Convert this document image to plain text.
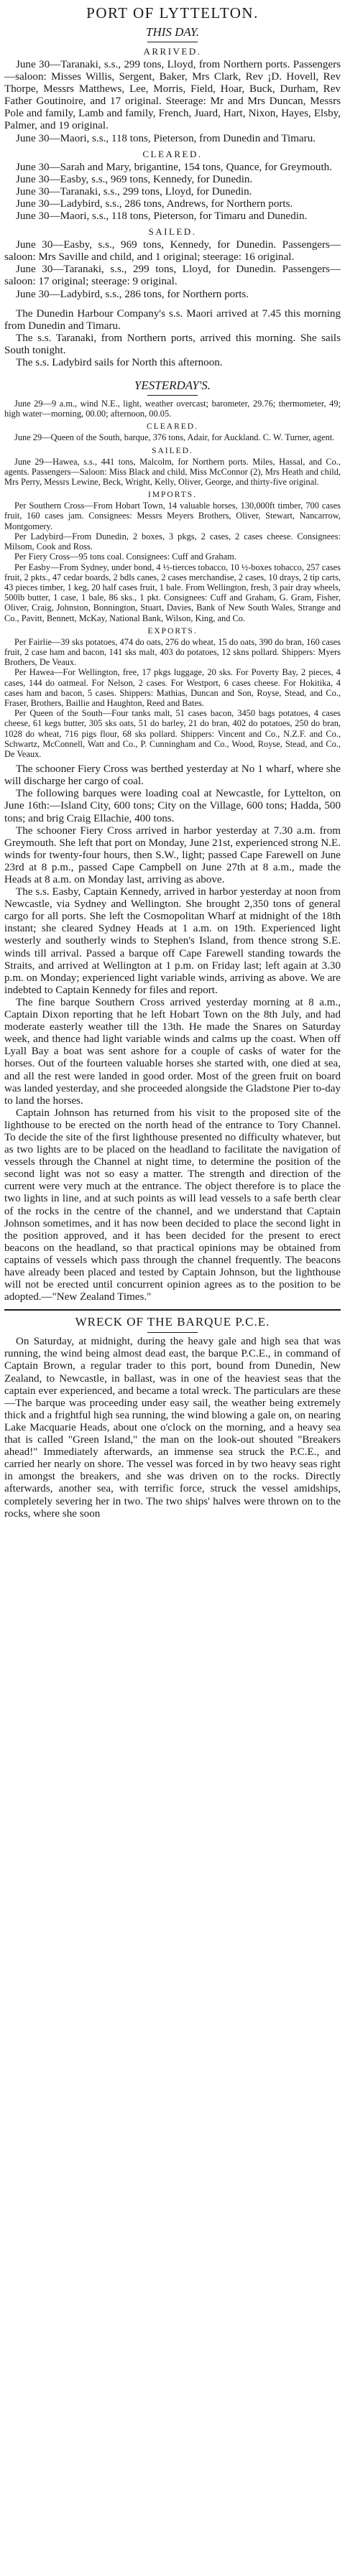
PORT OF LYTTELTON.
THIS DAY.
ARRIVED.

June 30—Taranaki, s.s., 299 tons, Lloyd, from Northern ports. Passengers—saloon: Misses Willis, Sergent, Baker, Mrs Clark, Rev ¡D. Hovell, Rev Thorpe, Messrs Matthews, Lee, Morris, Field, Hoar, Buck, Durham, Rev Father Goutinoire, and 17 original. Steerage: Mr and Mrs Duncan, Messrs Pole and family, Lamb and family, French, Juard, Hart, Nixon, Hayes, Elsby, Palmer, and 19 original.

June 30—Maori, s.s., 118 tons, Pieterson, from Dunedin and Timaru.

CLEARED.

June 30—Sarah and Mary, brigantine, 154 tons, Quance, for Greymouth.

June 30—Easby, s.s., 969 tons, Kennedy, for Dunedin.

June 30—Taranaki, s.s., 299 tons, Lloyd, for Dunedin.

June 30—Ladybird, s.s., 286 tons, Andrews, for Northern ports.

June 30—Maori, s.s., 118 tons, Pieterson, for Timaru and Dunedin.

SAILED.

June 30—Easby, s.s., 969 tons, Kennedy, for Dunedin. Passengers—saloon: Mrs Saville and child, and 1 original; steerage: 16 original.

June 30—Taranaki, s.s., 299 tons, Lloyd, for Dunedin. Passengers—saloon: 17 original; steerage: 9 original.

June 30—Ladybird, s.s., 286 tons, for Northern ports.

The Dunedin Harbour Company's s.s. Maori arrived at 7.45 this morning from Dunedin and Timaru.

The s.s. Taranaki, from Northern ports, arrived this morning. She sails South tonight.

The s.s. Ladybird sails for North this afternoon.

YESTERDAY'S.

June 29—9 a.m., wind N.E., light, weather overcast; barometer, 29.76; thermometer, 49; high water—morning, 00.00; afternoon, 00.05.

CLEARED.

June 29—Queen of the South, barque, 376 tons, Adair, for Auckland. C. W. Turner, agent.

SAILED.

June 29—Hawea, s.s., 441 tons, Malcolm, for Northern ports. Miles, Hassal, and Co., agents. Passengers—Saloon: Miss Black and child, Miss McConnor (2), Mrs Heath and child, Mrs Perry, Messrs Lewine, Beck, Wright, Kelly, Oliver, George, and thirty-five original.

IMPORTS.

Per Southern Cross—From Hobart Town, 14 valuable horses, 130,000ft timber, 700 cases fruit, 160 cases jam. Consignees: Messrs Meyers Brothers, Oliver, Stewart, Nancarrow, Montgomery.

Per Ladybird—From Dunedin, 2 boxes, 3 pkgs, 2 cases, 2 cases cheese. Consignees: Milsom, Cook and Ross.

Per Fiery Cross—95 tons coal. Consignees: Cuff and Graham.

Per Easby—From Sydney, under bond, 4 ½-tierces tobacco, 10 ½-boxes tobacco, 257 cases fruit, 2 pkts., 47 cedar boards, 2 bdls canes, 2 cases merchandise, 2 cases, 10 drays, 2 tip carts, 43 pieces timber, 1 keg, 20 half cases fruit, 1 bale. From Wellington, fresh, 3 pair dray wheels, 500lb butter, 1 case, 1 bale, 86 sks., 1 pkt. Consignees: Cuff and Graham, G. Gram, Fisher, Oliver, Craig, Johnston, Bonnington, Stuart, Davies, Bank of New South Wales, Strange and Co., Pavitt, Bennett, McKay, National Bank, Wilson, King, and Co.

EXPORTS.

Per Fairlie—39 sks potatoes, 474 do oats, 276 do wheat, 15 do oats, 390 do bran, 160 cases fruit, 2 case ham and bacon, 141 sks malt, 403 do potatoes, 12 skns pollard. Shippers: Myers Brothers, De Veaux.

Per Hawea—For Wellington, free, 17 pkgs luggage, 20 sks. For Poverty Bay, 2 pieces, 4 cases, 144 do oatmeal. For Nelson, 2 cases. For Westport, 6 cases cheese. For Hokitika, 4 cases ham and bacon, 5 cases. Shippers: Mathias, Duncan and Son, Royse, Stead, and Co., Fraser, Brothers, Baillie and Haughton, Reed and Bates.

Per Queen of the South—Four tanks malt, 51 cases bacon, 3450 bags potatoes, 4 cases cheese, 61 kegs butter, 305 sks oats, 51 do barley, 21 do bran, 402 do potatoes, 250 do bran, 1028 do wheat, 716 pigs flour, 68 sks pollard. Shippers: Vincent and Co., N.Z.F. and Co., Schwartz, McConnell, Watt and Co., P. Cunningham and Co., Wood, Royse, Stead, and Co., De Veaux.

The schooner Fiery Cross was berthed yesterday at No 1 wharf, where she will discharge her cargo of coal.

The following barques were loading coal at Newcastle, for Lyttelton, on June 16th:—Island City, 600 tons; City on the Village, 600 tons; Hadda, 500 tons; and brig Craig Ellachie, 400 tons.

The schooner Fiery Cross arrived in harbor yesterday at 7.30 a.m. from Greymouth. She left that port on Monday, June 21st, experienced strong N.E. winds for twenty-four hours, then S.W., light; passed Cape Farewell on June 23rd at 8 p.m., passed Cape Campbell on June 27th at 8 a.m., made the Heads at 8 a.m. on Monday last, arriving as above.

The s.s. Easby, Captain Kennedy, arrived in harbor yesterday at noon from Newcastle, via Sydney and Wellington. She brought 2,350 tons of general cargo for all ports. She left the Cosmopolitan Wharf at midnight of the 18th instant; she cleared Sydney Heads at 1 a.m. on 19th. Experienced light westerly and southerly winds to Stephen's Island, from thence strong S.E. winds till arrival. Passed a barque off Cape Farewell standing towards the Straits, and arrived at Wellington at 1 p.m. on Friday last; left again at 3.30 p.m. on Monday; experienced light variable winds, arriving as above. We are indebted to Captain Kennedy for files and report.

The fine barque Southern Cross arrived yesterday morning at 8 a.m., Captain Dixon reporting that he left Hobart Town on the 8th July, and had moderate easterly weather till the 13th. He made the Snares on Saturday week, and thence had light variable winds and calms up the coast. When off Lyall Bay a boat was sent ashore for a couple of casks of water for the horses. Out of the fourteen valuable horses she started with, one died at sea, and all the rest were landed in good order. Most of the green fruit on board was landed yesterday, and she proceeded alongside the Gladstone Pier to-day to land the horses.

Captain Johnson has returned from his visit to the proposed site of the lighthouse to be erected on the north head of the entrance to Tory Channel. To decide the site of the first lighthouse presented no difficulty whatever, but as two lights are to be placed on the headland to facilitate the navigation of vessels through the Channel at night time, to determine the position of the second light was not so easy a matter. The strength and direction of the current were very much at the entrance. The object therefore is to place the two lights in line, and at such points as will lead vessels to a safe berth clear of the rocks in the centre of the channel, and we understand that Captain Johnson sometimes, and it has now been decided to place the second light in the position approved, and it has been decided for the present to erect beacons on the headland, so that practical opinions may be obtained from captains of vessels which pass through the channel frequently. The beacons have already been placed and tested by Captain Johnson, but the lighthouse will not be erected until concurrent opinion agrees as to the position to be adopted.—"New Zealand Times."

WRECK OF THE BARQUE P.C.E.

On Saturday, at midnight, during the heavy gale and high sea that was running, the wind being almost dead east, the barque P.C.E., in command of Captain Brown, a regular trader to this port, bound from Dunedin, New Zealand, to Newcastle, in ballast, was in one of the heaviest seas that the captain ever experienced, and became a total wreck. The particulars are these—The barque was proceeding under easy sail, the weather being extremely thick and a frightful high sea running, the wind blowing a gale on, on nearing Lake Macquarie Heads, about one o'clock on the morning, and a heavy sea that is called "Green Island," the man on the look-out shouted "Breakers ahead!" Immediately afterwards, an immense sea struck the P.C.E., and carried her nearly on shore. The vessel was forced in by two heavy seas right in amongst the breakers, and she was driven on to the rocks. Directly afterwards, another sea, with terrific force, struck the vessel amidships, completely severing her in two. The two ships' halves were thrown on to the rocks, where she soon
